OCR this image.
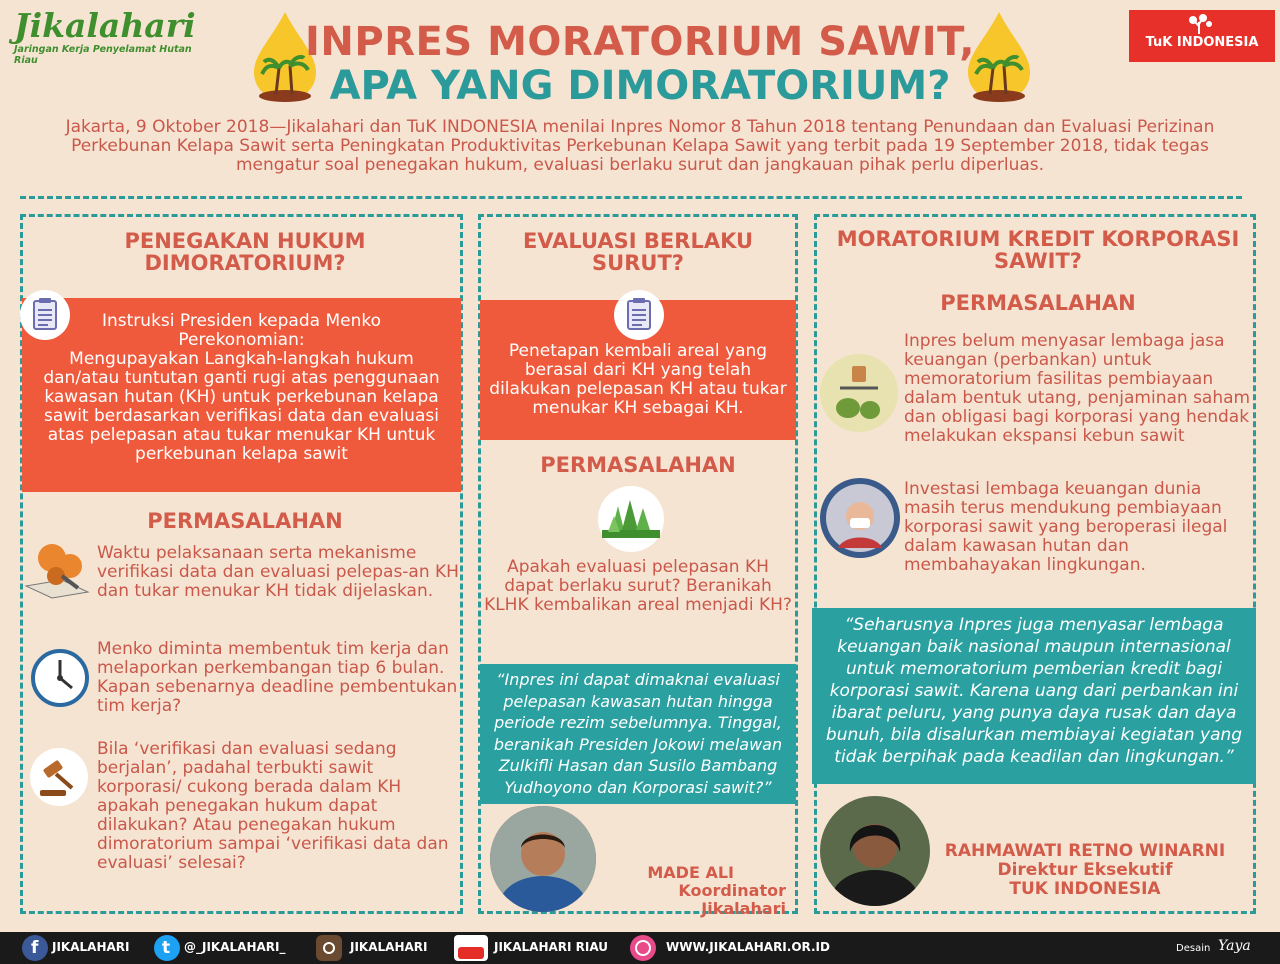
Jikalahari
Jaringan Kerja Penyelamat Hutan Riau	INPRES MORATORIUM SAWIT,
APA YANG DIMORATORIUM?
TuK INDONESIA
Jakarta, 9 Oktober 2018—Jikalahari dan TuK INDONESIA menilai Inpres Nomor 8 Tahun 2018 tentang Penundaan dan Evaluasi Perizinan Perkebunan Kelapa Sawit serta Peningkatan Produktivitas Perkebunan Kelapa Sawit yang terbit pada 19 September 2018, tidak tegas mengatur soal penegakan hukum, evaluasi berlaku surut dan jangkauan pihak perlu diperluas.
PENEGAKAN HUKUM DIMORATORIUM?
Instruksi Presiden kepada Menko Perekonomian:
Mengupayakan Langkah-langkah hukum dan/atau tuntutan ganti rugi atas penggunaan kawasan hutan (KH) untuk perkebunan kelapa sawit berdasarkan verifikasi data dan evaluasi atas pelepasan atau tukar menukar KH untuk perkebunan kelapa sawit
PERMASALAHAN
Waktu pelaksanaan serta mekanisme verifikasi data dan evaluasi pelepas-an KH dan tukar menukar KH tidak dijelaskan.
Menko diminta membentuk tim kerja dan melaporkan perkembangan tiap 6 bulan. Kapan sebenarnya deadline pembentukan tim kerja?
Bila ‘verifikasi dan evaluasi sedang berjalan’, padahal terbukti sawit korporasi/ cukong berada dalam KH apakah penegakan hukum dapat dilakukan? Atau penegakan hukum dimoratorium sampai ‘verifikasi data dan evaluasi’ selesai?
EVALUASI BERLAKU SURUT?
Penetapan kembali areal yang berasal dari KH yang telah dilakukan pelepasan KH atau tukar menukar KH sebagai KH.
PERMASALAHAN
Apakah evaluasi pelepasan KH dapat berlaku surut? Beranikah KLHK kembalikan areal menjadi KH?
“Inpres ini dapat dimaknai evaluasi pelepasan kawasan hutan hingga periode rezim sebelumnya. Tinggal, beranikah Presiden Jokowi melawan Zulkifli Hasan dan Susilo Bambang Yudhoyono dan Korporasi sawit?”
MADE ALI
Koordinator Jikalahari
MORATORIUM KREDIT KORPORASI SAWIT?
PERMASALAHAN
Inpres belum menyasar lembaga jasa keuangan (perbankan) untuk memoratorium fasilitas pembiayaan dalam bentuk utang, penjaminan saham dan obligasi bagi korporasi yang hendak melakukan ekspansi kebun sawit
Investasi lembaga keuangan dunia masih terus mendukung pembiayaan korporasi sawit yang beroperasi ilegal dalam kawasan hutan dan membahayakan lingkungan.
“Seharusnya Inpres juga menyasar lembaga keuangan baik nasional maupun internasional untuk memoratorium pemberian kredit bagi korporasi sawit. Karena uang dari perbankan ini ibarat peluru, yang punya daya rusak dan daya bunuh, bila disalurkan membiayai kegiatan yang tidak berpihak pada keadilan dan lingkungan.”
RAHMAWATI RETNO WINARNI
Direktur Eksekutif
TUK INDONESIA
f JIKALAHARI t @_JIKALAHARI_	JIKALAHARI	JIKALAHARI RIAU	WWW.JIKALAHARI.OR.ID	Desain Yaya
